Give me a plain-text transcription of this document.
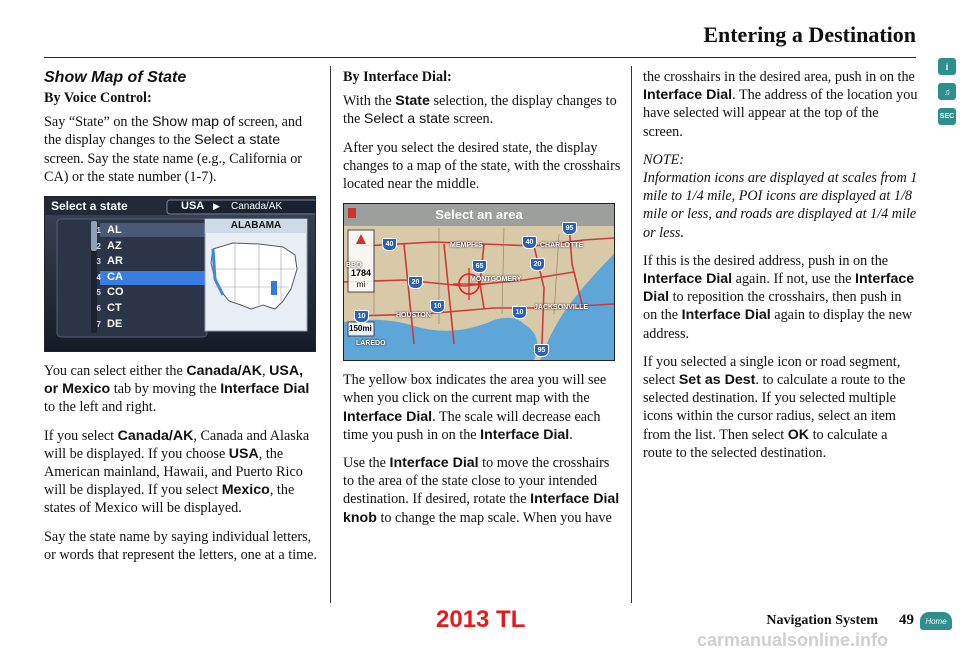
Entering a Destination
Show Map of State
By Voice Control:

Say “State” on the Show map of screen, and the display changes to the Select a state screen. Say the state name (e.g., California or CA) or the state number (1-7).

Select a state	USA ▶ Canada/AK
ALABAMA
1 AL
2 AZ
3 AR
4 CA
5 CO
6 CT
7 DE

You can select either the Canada/AK, USA, or Mexico tab by moving the Interface Dial to the left and right.

If you select Canada/AK, Canada and Alaska will be displayed. If you choose USA, the American mainland, Hawaii, and Puerto Rico will be displayed. If you select Mexico, the states of Mexico will be displayed.

Say the state name by saying individual letters, or words that represent the letters, one at a time.

By Interface Dial:

With the State selection, the display changes to the Select a state screen.

After you select the desired state, the display changes to a map of the state, with the crosshairs located near the middle.

Select an area
1784
mi
150mi
MEMPHIS	CHARLOTTE
MONTGOMERY
HOUSTON
JACKSONVILLE
LAREDO
BBQ
40	40
95
20
20
65
10
10
10
95

The yellow box indicates the area you will see when you click on the current map with the Interface Dial. The scale will decrease each time you push in on the Interface Dial.

Use the Interface Dial to move the crosshairs to the area of the state close to your intended destination. If desired, rotate the Interface Dial knob to change the map scale. When you have

the crosshairs in the desired area, push in on the Interface Dial. The address of the location you have selected will appear at the top of the screen.

NOTE:
Information icons are displayed at scales from 1 mile to 1/4 mile, POI icons are displayed at 1/8 mile or less, and roads are displayed at 1/4 mile or less.

If this is the desired address, push in on the Interface Dial again. If not, use the Interface Dial to reposition the crosshairs, then push in on the Interface Dial again to display the new address.

If you selected a single icon or road segment, select Set as Dest. to calculate a route to the selected destination. If you selected multiple icons within the cursor radius, select an item from the list. Then select OK to calculate a route to the selected destination.

i
♫
SEC
2013 TL	Navigation System 49	Home
carmanualsonline.info
